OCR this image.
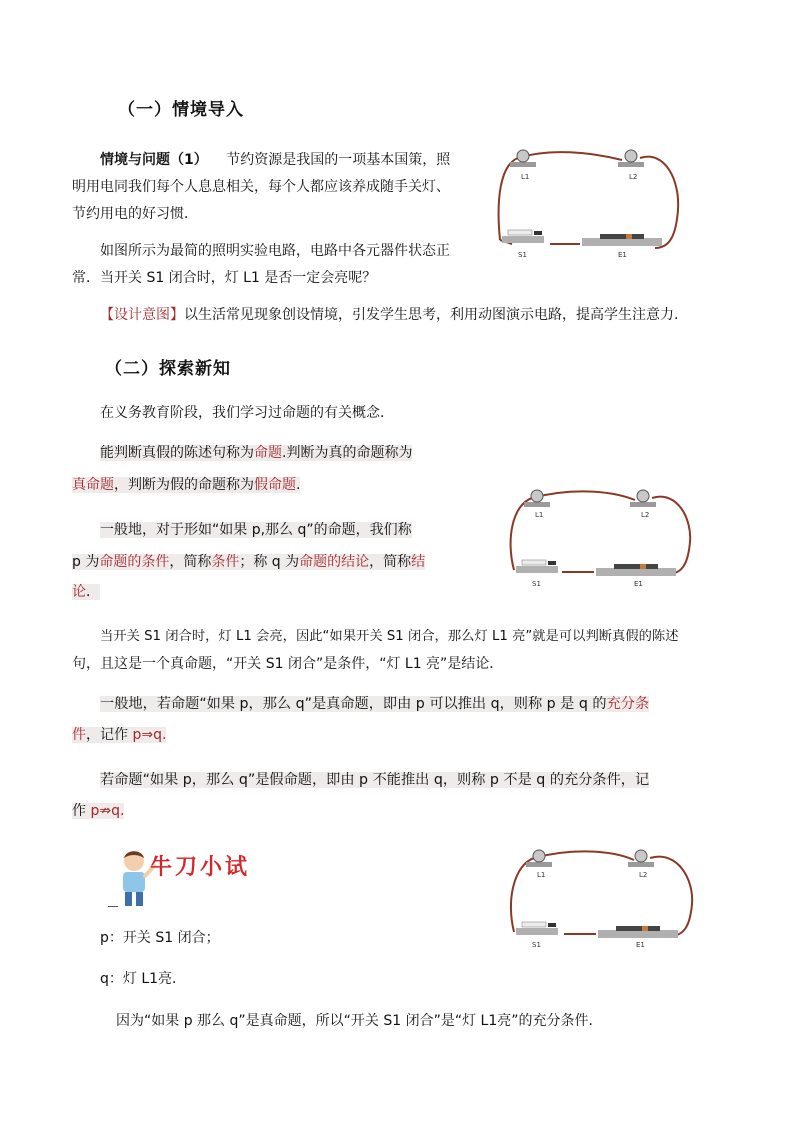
（一）情境导入
情境与问题（1） 节约资源是我国的一项基本国策，照
明用电同我们每个人息息相关，每个人都应该养成随手关灯、
节约用电的好习惯．
如图所示为最简的照明实验电路，电路中各元器件状态正
常．当开关 S1 闭合时，灯 L1 是否一定会亮呢？
【设计意图】以生活常见现象创设情境，引发学生思考，利用动图演示电路，提高学生注意力．
L1	L2
S1	E1
（二）探索新知
在义务教育阶段，我们学习过命题的有关概念．
能判断真假的陈述句称为命题.判断为真的命题称为
真命题，判断为假的命题称为假命题.
一般地，对于形如“如果 p,那么 q”的命题，我们称
p 为命题的条件，简称条件；称 q 为命题的结论，简称结
论．
L1	L2
S1	E1
当开关 S1 闭合时，灯 L1 会亮，因此“如果开关 S1 闭合，那么灯 L1 亮”就是可以判断真假的陈述
句，且这是一个真命题，“开关 S1 闭合”是条件，“灯 L1 亮”是结论．
一般地，若命题“如果 p，那么 q”是真命题，即由 p 可以推出 q，则称 p 是 q 的充分条
件，记作 p⇒q.
若命题“如果 p，那么 q”是假命题，即由 p 不能推出 q，则称 p 不是 q 的充分条件，记
作 p⇏q.
牛刀小试
p：开关 S1 闭合；
q：灯 L1亮．
因为“如果 p 那么 q”是真命题，所以“开关 S1 闭合”是“灯 L1亮”的充分条件．
L1	L2
S1	E1
